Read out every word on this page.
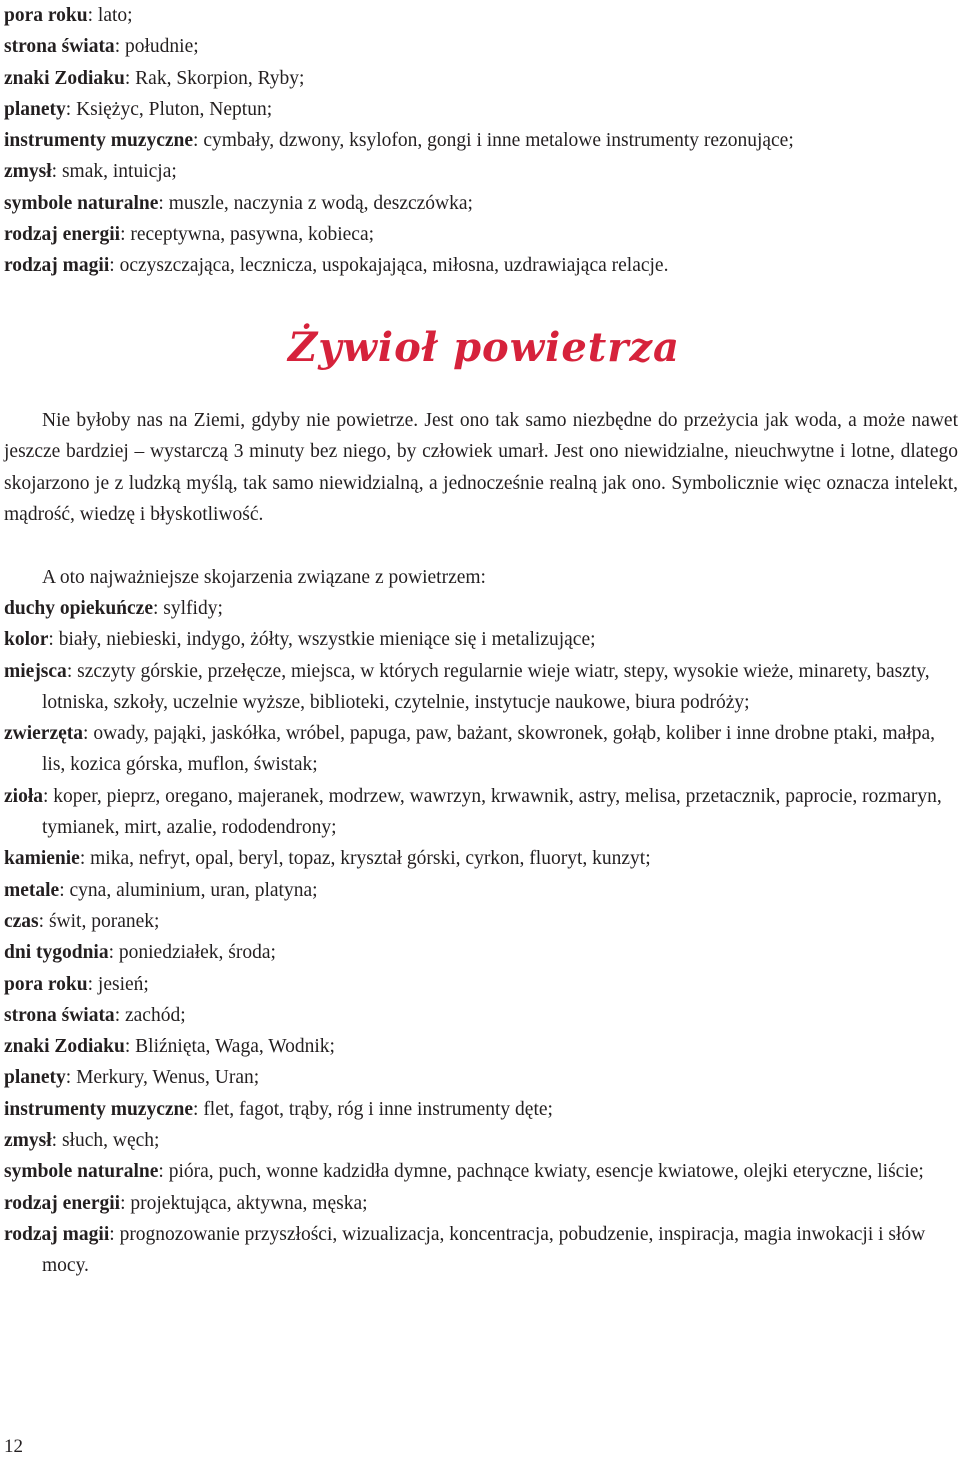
pora roku: lato;

strona świata: południe;

znaki Zodiaku: Rak, Skorpion, Ryby;

planety: Księżyc, Pluton, Neptun;

instrumenty muzyczne: cymbały, dzwony, ksylofon, gongi i inne metalowe instrumenty rezonujące;

zmysł: smak, intuicja;

symbole naturalne: muszle, naczynia z wodą, deszczówka;

rodzaj energii: receptywna, pasywna, kobieca;

rodzaj magii: oczyszczająca, lecznicza, uspokajająca, miłosna, uzdrawiająca relacje.

Żywioł powietrza

Nie byłoby nas na Ziemi, gdyby nie powietrze. Jest ono tak samo niezbędne do przeżycia jak woda, a może nawet jeszcze bardziej – wystarczą 3 minuty bez niego, by człowiek umarł. Jest ono niewidzialne, nieuchwytne i lotne, dlatego skojarzono je z ludzką myślą, tak samo niewidzialną, a jednocześnie realną jak ono. Symbolicznie więc oznacza intelekt, mądrość, wiedzę i błyskotliwość.

A oto najważniejsze skojarzenia związane z powietrzem:

duchy opiekuńcze: sylfidy;

kolor: biały, niebieski, indygo, żółty, wszystkie mieniące się i metalizujące;

miejsca: szczyty górskie, przełęcze, miejsca, w których regularnie wieje wiatr, stepy, wysokie wieże, minarety, baszty, lotniska, szkoły, uczelnie wyższe, biblioteki, czytelnie, instytucje naukowe, biura podróży;

zwierzęta: owady, pająki, jaskółka, wróbel, papuga, paw, bażant, skowronek, gołąb, koliber i inne drobne ptaki, małpa, lis, kozica górska, muflon, świstak;

zioła: koper, pieprz, oregano, majeranek, modrzew, wawrzyn, krwawnik, astry, melisa, przetacznik, paprocie, rozmaryn, tymianek, mirt, azalie, rododendrony;

kamienie: mika, nefryt, opal, beryl, topaz, kryształ górski, cyrkon, fluoryt, kunzyt;

metale: cyna, aluminium, uran, platyna;

czas: świt, poranek;

dni tygodnia: poniedziałek, środa;

pora roku: jesień;

strona świata: zachód;

znaki Zodiaku: Bliźnięta, Waga, Wodnik;

planety: Merkury, Wenus, Uran;

instrumenty muzyczne: flet, fagot, trąby, róg i inne instrumenty dęte;

zmysł: słuch, węch;

symbole naturalne: pióra, puch, wonne kadzidła dymne, pachnące kwiaty, esencje kwiatowe, olejki eteryczne, liście;

rodzaj energii: projektująca, aktywna, męska;

rodzaj magii: prognozowanie przyszłości, wizualizacja, koncentracja, pobudzenie, inspiracja, magia inwokacji i słów mocy.

12
